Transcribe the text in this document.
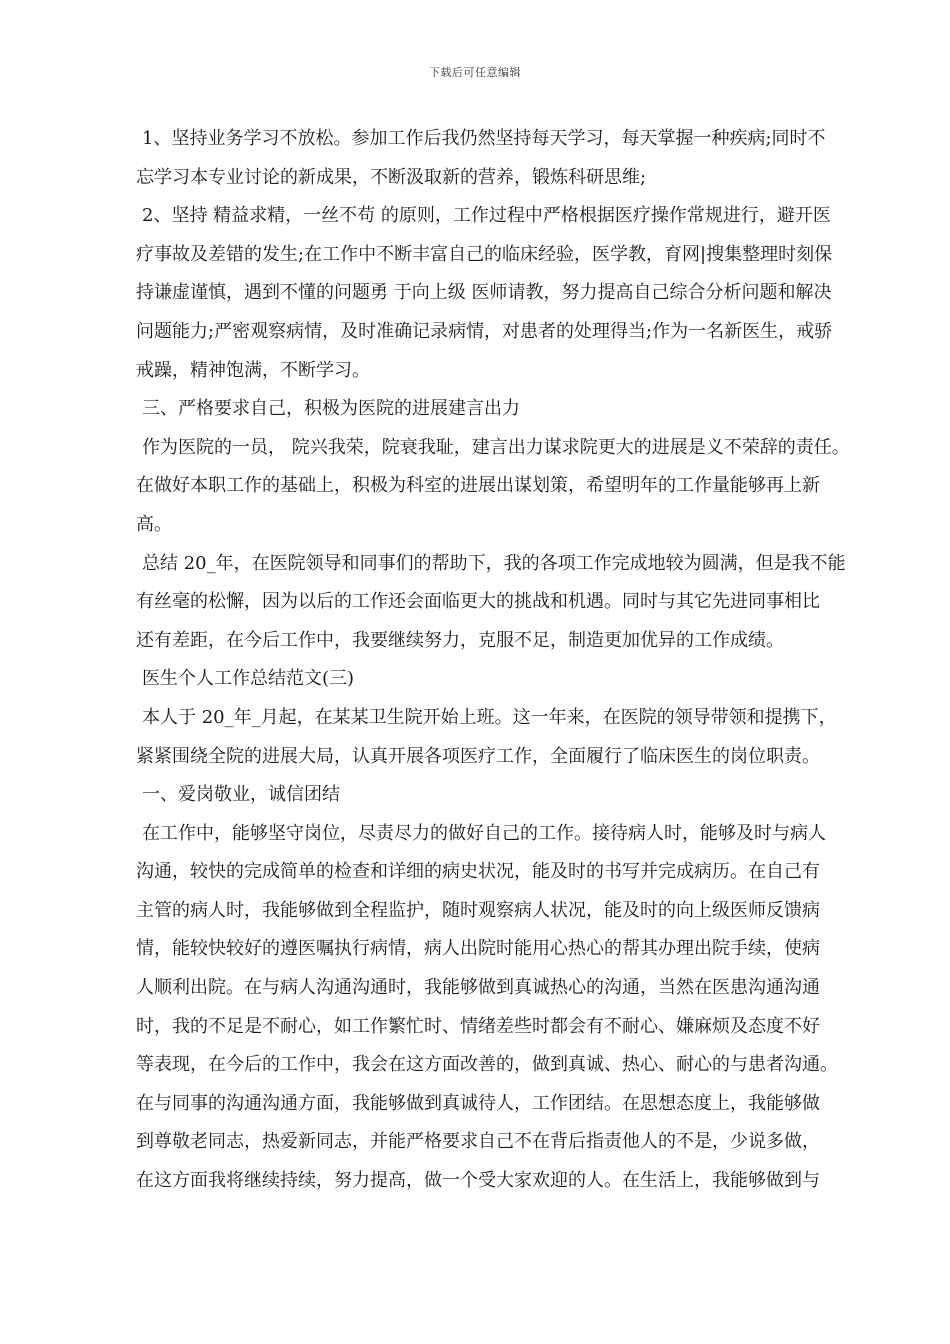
下载后可任意编辑
1、坚持业务学习不放松。参加工作后我仍然坚持每天学习，每天掌握一种疾病;同时不
忘学习本专业讨论的新成果，不断汲取新的营养，锻炼科研思维;
2、坚持 精益求精，一丝不苟 的原则，工作过程中严格根据医疗操作常规进行，避开医
疗事故及差错的发生;在工作中不断丰富自己的临床经验，医学教，育网|搜集整理时刻保
持谦虚谨慎，遇到不懂的问题勇 于向上级 医师请教，努力提高自己综合分析问题和解决
问题能力;严密观察病情，及时准确记录病情，对患者的处理得当;作为一名新医生，戒骄
戒躁，精神饱满，不断学习。
三、严格要求自己，积极为医院的进展建言出力
作为医院的一员， 院兴我荣，院衰我耻，建言出力谋求院更大的进展是义不荣辞的责任。
在做好本职工作的基础上，积极为科室的进展出谋划策，希望明年的工作量能够再上新
高。
总结 20_年，在医院领导和同事们的帮助下，我的各项工作完成地较为圆满，但是我不能
有丝毫的松懈，因为以后的工作还会面临更大的挑战和机遇。同时与其它先进同事相比
还有差距，在今后工作中，我要继续努力，克服不足，制造更加优异的工作成绩。
医生个人工作总结范文(三)
本人于 20_年_月起，在某某卫生院开始上班。这一年来，在医院的领导带领和提携下，
紧紧围绕全院的进展大局，认真开展各项医疗工作，全面履行了临床医生的岗位职责。
一、爱岗敬业，诚信团结
在工作中，能够坚守岗位，尽责尽力的做好自己的工作。接待病人时，能够及时与病人
沟通，较快的完成简单的检查和详细的病史状况，能及时的书写并完成病历。在自己有
主管的病人时，我能够做到全程监护，随时观察病人状况，能及时的向上级医师反馈病
情，能较快较好的遵医嘱执行病情，病人出院时能用心热心的帮其办理出院手续，使病
人顺利出院。在与病人沟通沟通时，我能够做到真诚热心的沟通，当然在医患沟通沟通
时，我的不足是不耐心，如工作繁忙时、情绪差些时都会有不耐心、嫌麻烦及态度不好
等表现，在今后的工作中，我会在这方面改善的，做到真诚、热心、耐心的与患者沟通。
在与同事的沟通沟通方面，我能够做到真诚待人，工作团结。在思想态度上，我能够做
到尊敬老同志，热爱新同志，并能严格要求自己不在背后指责他人的不是，少说多做，
在这方面我将继续持续，努力提高，做一个受大家欢迎的人。在生活上，我能够做到与
